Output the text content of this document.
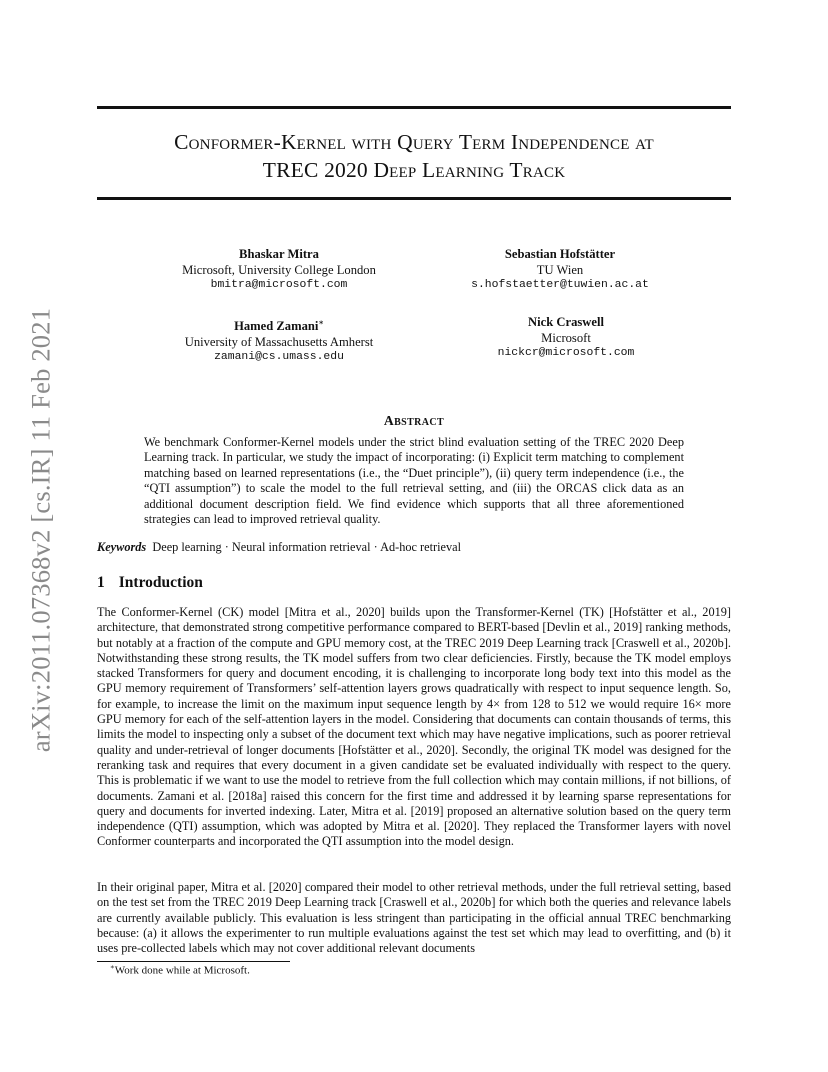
arXiv:2011.07368v2 [cs.IR] 11 Feb 2021
Conformer-Kernel with Query Term Independence at
TREC 2020 Deep Learning Track
Bhaskar Mitra
Microsoft, University College London
bmitra@microsoft.com
Sebastian Hofstätter
TU Wien
s.hofstaetter@tuwien.ac.at
Hamed Zamani∗
University of Massachusetts Amherst
zamani@cs.umass.edu
Nick Craswell
Microsoft
nickcr@microsoft.com
Abstract
We benchmark Conformer-Kernel models under the strict blind evaluation setting of the TREC 2020 Deep Learning track. In particular, we study the impact of incorporating: (i) Explicit term matching to complement matching based on learned representations (i.e., the “Duet principle”), (ii) query term independence (i.e., the “QTI assumption”) to scale the model to the full retrieval setting, and (iii) the ORCAS click data as an additional document description field. We find evidence which supports that all three aforementioned strategies can lead to improved retrieval quality.
Keywords Deep learning · Neural information retrieval · Ad-hoc retrieval
1 Introduction
The Conformer-Kernel (CK) model [Mitra et al., 2020] builds upon the Transformer-Kernel (TK) [Hofstätter et al., 2019] architecture, that demonstrated strong competitive performance compared to BERT-based [Devlin et al., 2019] ranking methods, but notably at a fraction of the compute and GPU memory cost, at the TREC 2019 Deep Learning track [Craswell et al., 2020b]. Notwithstanding these strong results, the TK model suffers from two clear deficiencies. Firstly, because the TK model employs stacked Transformers for query and document encoding, it is challenging to incorporate long body text into this model as the GPU memory requirement of Transformers’ self-attention layers grows quadratically with respect to input sequence length. So, for example, to increase the limit on the maximum input sequence length by 4× from 128 to 512 we would require 16× more GPU memory for each of the self-attention layers in the model. Considering that documents can contain thousands of terms, this limits the model to inspecting only a subset of the document text which may have negative implications, such as poorer retrieval quality and under-retrieval of longer documents [Hofstätter et al., 2020]. Secondly, the original TK model was designed for the reranking task and requires that every document in a given candidate set be evaluated individually with respect to the query. This is problematic if we want to use the model to retrieve from the full collection which may contain millions, if not billions, of documents. Zamani et al. [2018a] raised this concern for the first time and addressed it by learning sparse representations for query and documents for inverted indexing. Later, Mitra et al. [2019] proposed an alternative solution based on the query term independence (QTI) assumption, which was adopted by Mitra et al. [2020]. They replaced the Transformer layers with novel Conformer counterparts and incorporated the QTI assumption into the model design.
In their original paper, Mitra et al. [2020] compared their model to other retrieval methods, under the full retrieval setting, based on the test set from the TREC 2019 Deep Learning track [Craswell et al., 2020b] for which both the queries and relevance labels are currently available publicly. This evaluation is less stringent than participating in the official annual TREC benchmarking because: (a) it allows the experimenter to run multiple evaluations against the test set which may lead to overfitting, and (b) it uses pre-collected labels which may not cover additional relevant documents
∗Work done while at Microsoft.
